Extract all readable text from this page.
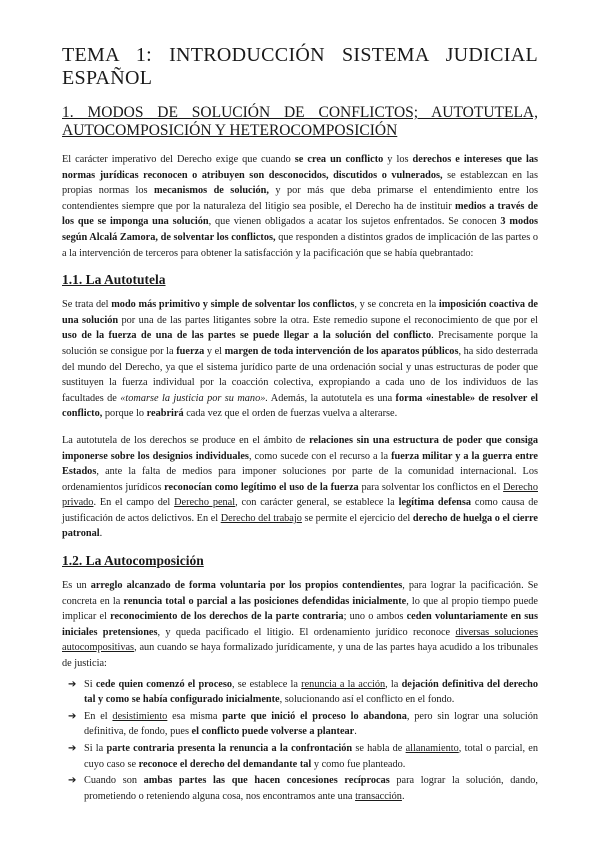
TEMA 1: INTRODUCCIÓN SISTEMA JUDICIAL ESPAÑOL
1. MODOS DE SOLUCIÓN DE CONFLICTOS; AUTOTUTELA, AUTOCOMPOSICIÓN Y HETEROCOMPOSICIÓN

El carácter imperativo del Derecho exige que cuando se crea un conflicto y los derechos e intereses que las normas jurídicas reconocen o atribuyen son desconocidos, discutidos o vulnerados, se establezcan en las propias normas los mecanismos de solución, y por más que deba primarse el entendimiento entre los contendientes siempre que por la naturaleza del litigio sea posible, el Derecho ha de instituir medios a través de los que se imponga una solución, que vienen obligados a acatar los sujetos enfrentados. Se conocen 3 modos según Alcalá Zamora, de solventar los conflictos, que responden a distintos grados de implicación de las partes o a la intervención de terceros para obtener la satisfacción y la pacificación que se había quebrantado:

1.1. La Autotutela

Se trata del modo más primitivo y simple de solventar los conflictos, y se concreta en la imposición coactiva de una solución por una de las partes litigantes sobre la otra. Este remedio supone el reconocimiento de que por el uso de la fuerza de una de las partes se puede llegar a la solución del conflicto. Precisamente porque la solución se consigue por la fuerza y el margen de toda intervención de los aparatos públicos, ha sido desterrada del mundo del Derecho, ya que el sistema jurídico parte de una ordenación social y unas estructuras de poder que sustituyen la fuerza individual por la coacción colectiva, expropiando a cada uno de los individuos de las facultades de «tomarse la justicia por su mano». Además, la autotutela es una forma «inestable» de resolver el conflicto, porque lo reabrirá cada vez que el orden de fuerzas vuelva a alterarse.

La autotutela de los derechos se produce en el ámbito de relaciones sin una estructura de poder que consiga imponerse sobre los designios individuales, como sucede con el recurso a la fuerza militar y a la guerra entre Estados, ante la falta de medios para imponer soluciones por parte de la comunidad internacional. Los ordenamientos jurídicos reconocían como legítimo el uso de la fuerza para solventar los conflictos en el Derecho privado. En el campo del Derecho penal, con carácter general, se establece la legítima defensa como causa de justificación de actos delictivos. En el Derecho del trabajo se permite el ejercicio del derecho de huelga o el cierre patronal.

1.2. La Autocomposición

Es un arreglo alcanzado de forma voluntaria por los propios contendientes, para lograr la pacificación. Se concreta en la renuncia total o parcial a las posiciones defendidas inicialmente, lo que al propio tiempo puede implicar el reconocimiento de los derechos de la parte contraria; uno o ambos ceden voluntariamente en sus iniciales pretensiones, y queda pacificado el litigio. El ordenamiento jurídico reconoce diversas soluciones autocompositivas, aun cuando se haya formalizado jurídicamente, y una de las partes haya acudido a los tribunales de justicia:

➔ Si cede quien comenzó el proceso, se establece la renuncia a la acción, la dejación definitiva del derecho tal y como se había configurado inicialmente, solucionando así el conflicto en el fondo.
➔ En el desistimiento esa misma parte que inició el proceso lo abandona, pero sin lograr una solución definitiva, de fondo, pues el conflicto puede volverse a plantear.
➔ Si la parte contraria presenta la renuncia a la confrontación se habla de allanamiento, total o parcial, en cuyo caso se reconoce el derecho del demandante tal y como fue planteado.
➔ Cuando son ambas partes las que hacen concesiones recíprocas para lograr la solución, dando, prometiendo o reteniendo alguna cosa, nos encontramos ante una transacción.
